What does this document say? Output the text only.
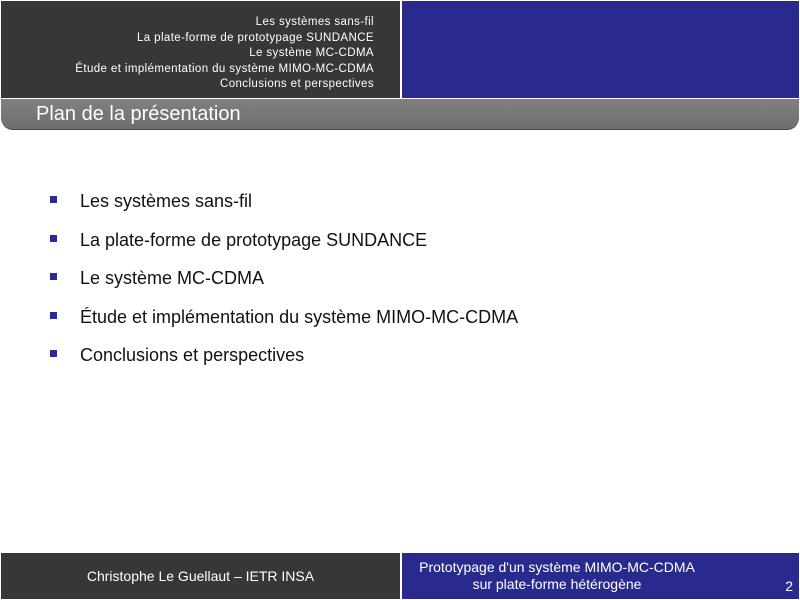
Les systèmes sans-fil
La plate-forme de prototypage SUNDANCE
Le système MC-CDMA
Étude et implémentation du système MIMO-MC-CDMA
Conclusions et perspectives
Plan de la présentation
Les systèmes sans-fil
La plate-forme de prototypage SUNDANCE
Le système MC-CDMA
Étude et implémentation du système MIMO-MC-CDMA
Conclusions et perspectives
Christophe Le Guellaut – IETR INSA
Prototypage d'un système MIMO-MC-CDMA
sur plate-forme hétérogène	2
